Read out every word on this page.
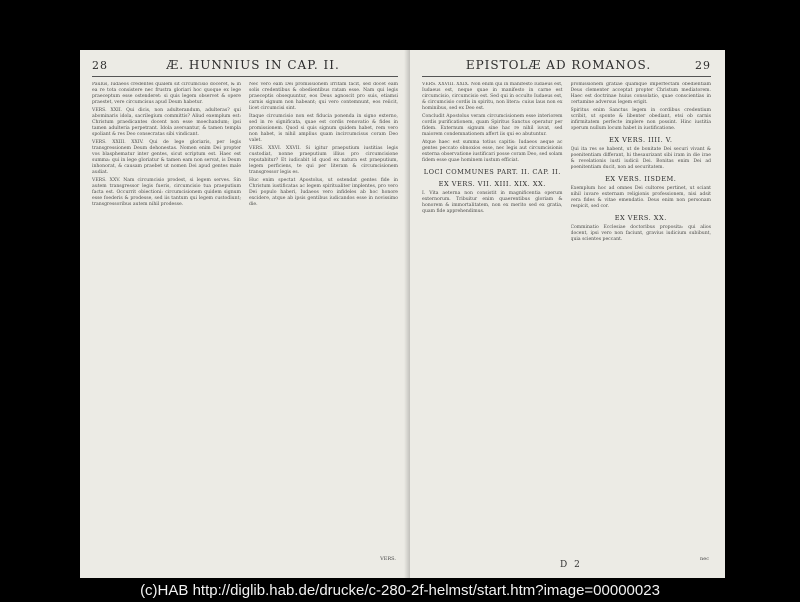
28	Æ. HUNNIUS IN CAP. II.

Paulus, Iudaeos credentes qualem sit circumcisio doceret, & in ea re tota consistere nec frustra gloriari hoc quoque ex lege praeceptum esse ostenderet: si quis legem observet & opere praestet, vere circumcisus apud Deum habetur.

VERS. XXII. Qui dicis, non adulterandum, adulteras? qui abominaris idola, sacrilegium committis? Aliud exemplum est: Christum praedicantes docent non esse moechandum; ipsi tamen adulteria perpetrant. Idola aversantur, & tamen templa spoliant & res Deo consecratas sibi vindicant.

VERS. XXIII. XXIV. Qui de lege gloriaris, per legis transgressionem Deum dehonestas. Nomen enim Dei propter vos blasphematur inter gentes, sicut scriptum est. Haec est summa: qui in lege gloriatur & tamen eam non servat, is Deum inhonorat, & causam praebet ut nomen Dei apud gentes male audiat.

VERS. XXV. Nam circumcisio prodest, si legem serves. Sin autem transgressor legis fueris, circumcisio tua praeputium facta est. Occurrit obiectioni: circumcisionem quidem signum esse foederis & prodesse, sed iis tantum qui legem custodiunt; transgressoribus autem nihil prodesse.

Nec vero eam Dei promissionem irritam facit, sed docet eam solis credentibus & obedientibus ratam esse. Nam qui legis praeceptis obsequuntur, eos Deus agnoscit pro suis, etiamsi carnis signum non habeant; qui vero contemnunt, eos reiicit, licet circumcisi sint.

Itaque circumcisio non est fiducia ponenda in signo externo, sed in re significata, quae est cordis renovatio & fides in promissionem. Quod si quis signum quidem habet, rem vero non habet, is nihil amplius quam incircumcisus coram Deo valet.

VERS. XXVI. XXVII. Si igitur praeputium iustitias legis custodiat, nonne praeputium illius pro circumcisione reputabitur? Et iudicabit id quod ex natura est praeputium, legem perficiens, te qui per literam & circumcisionem transgressor legis es.

Huc enim spectat Apostolus, ut ostendat gentes fide in Christum iustificatas ac legem spiritualiter implentes, pro vero Dei populo haberi, Iudaeos vero infideles ab hoc honore excidere, atque ab ipsis gentibus iudicandos esse in novissimo die.

VERS.
EPISTOLÆ AD ROMANOS.	29

VERS. XXVIII. XXIX. Non enim qui in manifesto Iudaeus est, Iudaeus est, neque quae in manifesto in carne est circumcisio, circumcisio est. Sed qui in occulto Iudaeus est, & circumcisio cordis in spiritu, non litera: cuius laus non ex hominibus, sed ex Deo est.

Concludit Apostolus veram circumcisionem esse interiorem cordis purificationem, quam Spiritus Sanctus operatur per fidem. Externum signum sine hac re nihil iuvat, sed maiorem condemnationem affert iis qui eo abutuntur.

Atque haec est summa totius capitis: Iudaeos aeque ac gentes peccato obnoxios esse, nec legis aut circumcisionis externa observatione iustificari posse coram Deo, sed solam fidem esse quae hominem iustum efficiat.

LOCI COMMUNES PART. II. CAP. II.
EX VERS. VII. XIII. XIX. XX.

I. Vita aeterna non consistit in magnificentia operum externorum. Tribuitur enim quaerentibus gloriam & honorem & immortalitatem, non ex merito sed ex gratia, quam fide apprehendimus.

promissionem gratiae quamque imperfectam obedientiam Deus clementer acceptat propter Christum mediatorem. Haec est doctrinae huius consolatio, quae conscientias in certamine adversus legem erigit.

Spiritus enim Sanctus legem in cordibus credentium scribit, ut sponte & libenter obediant, etsi ob carnis infirmitatem perfecte implere non possint. Hinc iustitia operum nullum locum habet in iustificatione.

EX VERS. IIII. V.

Qui ita res se habent, ut de bonitate Dei securi vivant & poenitentiam differant, hi thesaurizant sibi iram in die irae & revelationis iusti iudicii Dei. Bonitas enim Dei ad poenitentiam ducit, non ad securitatem.

EX VERS. IISDEM.

Exemplum hoc ad omnes Dei cultores pertinet, ut sciant nihil iuvare externam religionis professionem, nisi adsit vera fides & vitae emendatio. Deus enim non personam respicit, sed cor.

EX VERS. XX.

Comminatio Ecclesiae doctoribus proposita: qui alios docent, ipsi vero non faciunt, gravius iudicium subibunt, quia scientes peccant.

D 2
nec
(c)HAB http://diglib.hab.de/drucke/c-280-2f-helmst/start.htm?image=00000023
